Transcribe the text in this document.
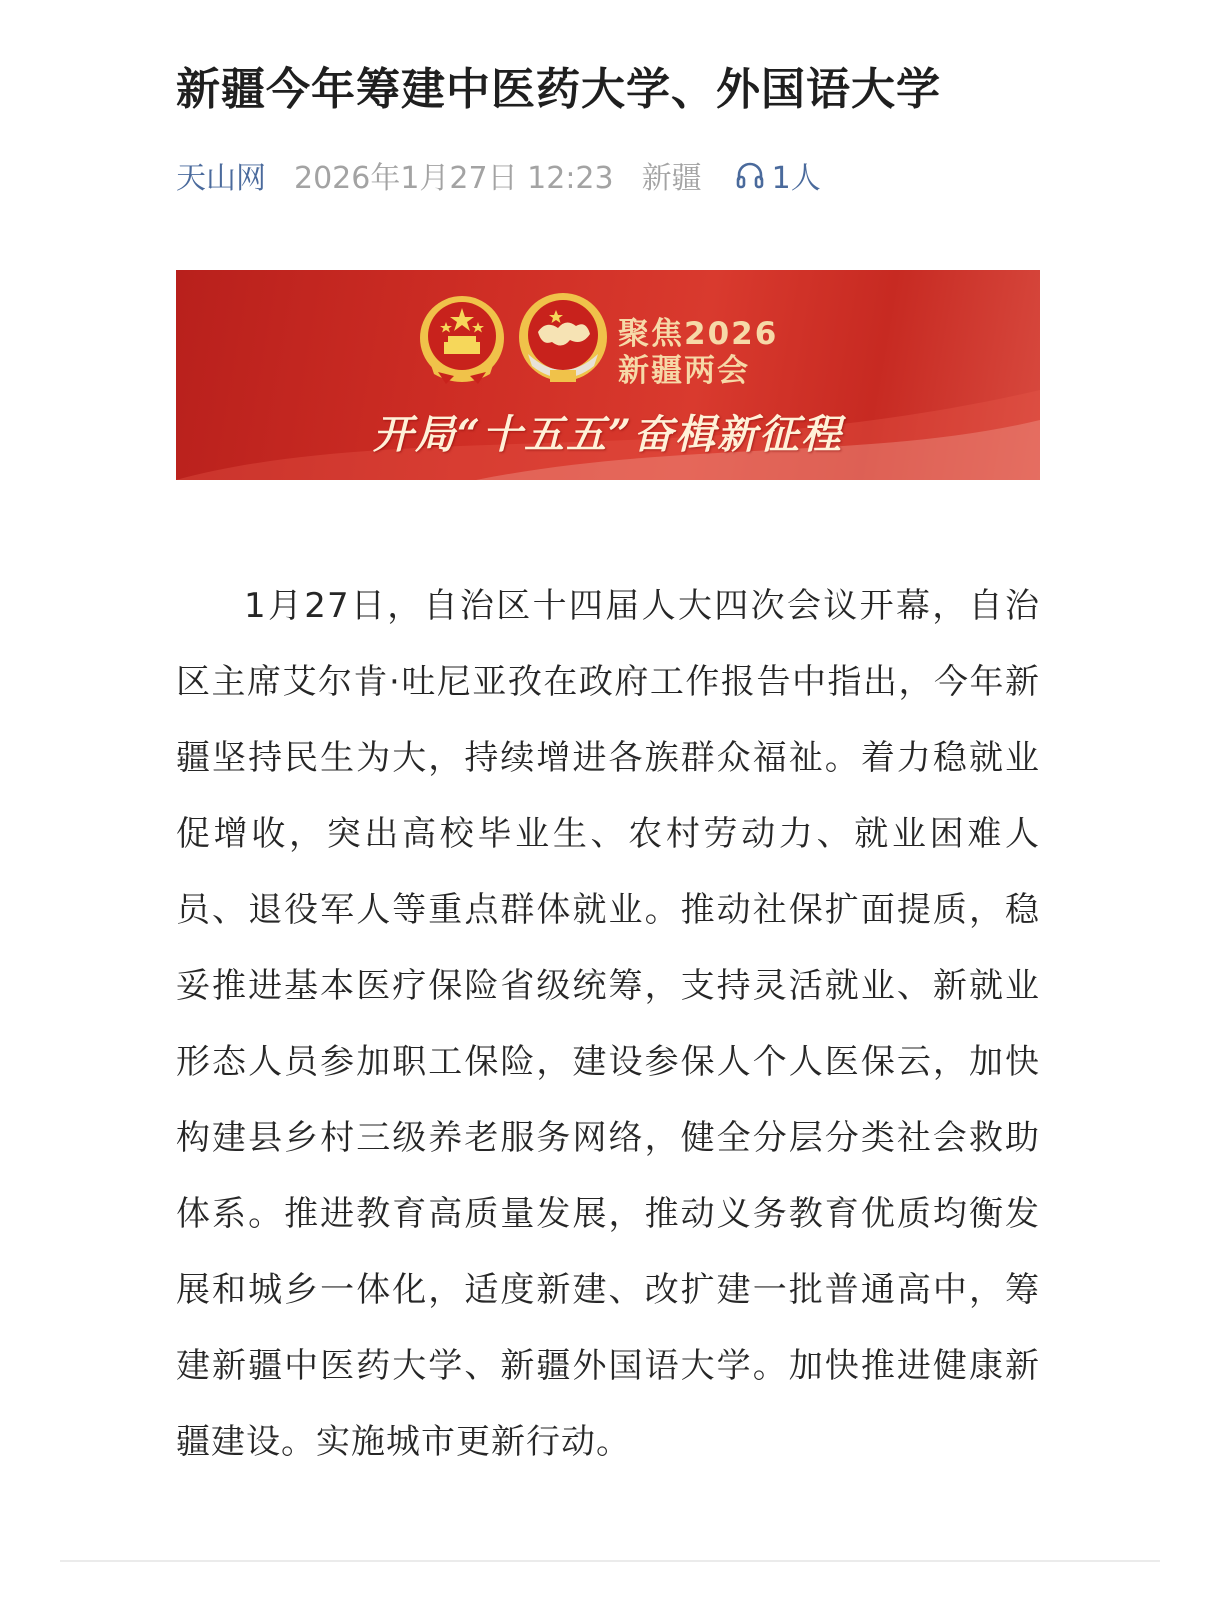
新疆今年筹建中医药大学、外国语大学
天山网 2026年1月27日 12:23 新疆 1人
聚焦2026
新疆两会
开局“十五五”奋楫新征程

1月27日，自治区十四届人大四次会议开幕，自治区主席艾尔肯·吐尼亚孜在政府工作报告中指出，今年新疆坚持民生为大，持续增进各族群众福祉。着力稳就业促增收，突出高校毕业生、农村劳动力、就业困难人员、退役军人等重点群体就业。推动社保扩面提质，稳妥推进基本医疗保险省级统筹，支持灵活就业、新就业形态人员参加职工保险，建设参保人个人医保云，加快构建县乡村三级养老服务网络，健全分层分类社会救助体系。推进教育高质量发展，推动义务教育优质均衡发展和城乡一体化，适度新建、改扩建一批普通高中，筹建新疆中医药大学、新疆外国语大学。加快推进健康新疆建设。实施城市更新行动。
